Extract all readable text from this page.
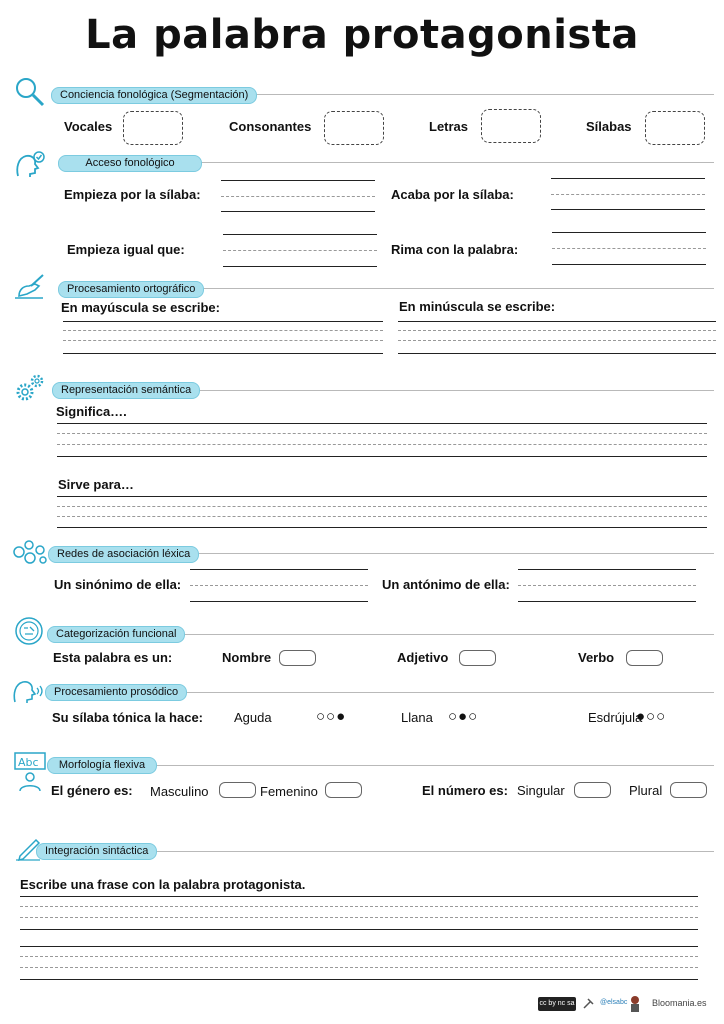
La palabra protagonista
Conciencia fonológica (Segmentación)
Vocales	Consonantes	Letras	Sílabas
Acceso fonológico
Empieza por la sílaba:	Acaba por la sílaba:
Empieza igual que:	Rima con la palabra:
Procesamiento ortográfico
En mayúscula se escribe:	En minúscula se escribe:
Representación semántica
Significa….
Sirve para…
Redes de asociación léxica
Un sinónimo de ella:	Un antónimo de ella:
Categorización funcional
Esta palabra es un:	Nombre	Adjetivo	Verbo
Procesamiento prosódico
Su sílaba tónica la hace: Aguda	○○●	Llana ○●○	Esdrújula
●○○
Abc	Morfología flexiva
El género es: Masculino	Femenino	El número es: Singular	Plural
Integración sintáctica
Escribe una frase con la palabra protagonista.
cc by nc sa	@elsabc	Bloomania.es
